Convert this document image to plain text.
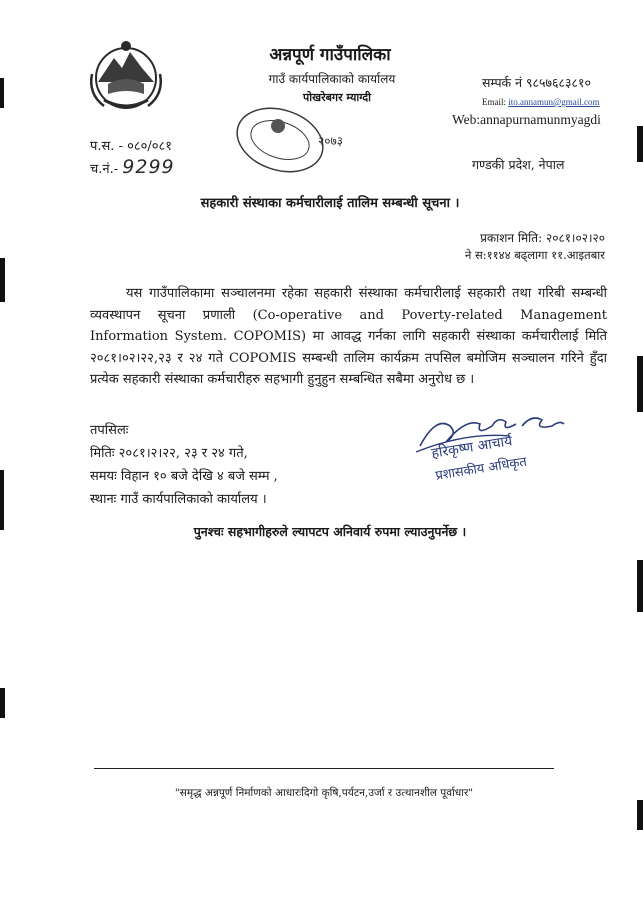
अन्नपूर्ण गाउँपालिका
गाउँ कार्यपालिकाको कार्यालय
पोखरेबगर म्याग्दी
२०७३
सम्पर्क नं ९८५७६८३८१०
Email: ito.annamun@gmail.com
Web:annapurnamunmyagdi
गण्डकी प्रदेश, नेपाल
प.स. - ०८०/०८१
च.नं.- 9299
सहकारी संस्थाका कर्मचारीलाई तालिम सम्बन्धी सूचना ।
प्रकाशन मिति: २०८१।०२।२०
ने स:११४४ बढ्लागा ११.आइतबार

यस गाउँपालिकामा सञ्चालनमा रहेका सहकारी संस्थाका कर्मचारीलाई सहकारी तथा गरिबी सम्बन्धी व्यवस्थापन सूचना प्रणाली (Co-operative and Poverty-related Management Information System. COPOMIS) मा आवद्ध गर्नका लागि सहकारी संस्थाका कर्मचारीलाई मिति २०८१।०२।२२,२३ र २४ गते COPOMIS सम्बन्धी तालिम कार्यक्रम तपसिल बमोजिम सञ्चालन गरिने हुँदा प्रत्येक सहकारी संस्थाका कर्मचारीहरु सहभागी हुनुहुन सम्बन्धित सबैमा अनुरोध छ ।

तपसिलः
मितिः २०८१।२।२२, २३ र २४ गते,
समयः विहान १० बजे देखि ४ बजे सम्म ,
स्थानः गाउँ कार्यपालिकाको कार्यालय ।
हरिकृष्ण आचार्य
प्रशासकीय अधिकृत
पुनश्चः सहभागीहरुले ल्यापटप अनिवार्य रुपमा ल्याउनुपर्नेछ ।
"समृद्ध अन्नपूर्ण निर्माणको आधारःदिगो कृषि,पर्यटन,उर्जा र उत्थानशील पूर्वाधार"
